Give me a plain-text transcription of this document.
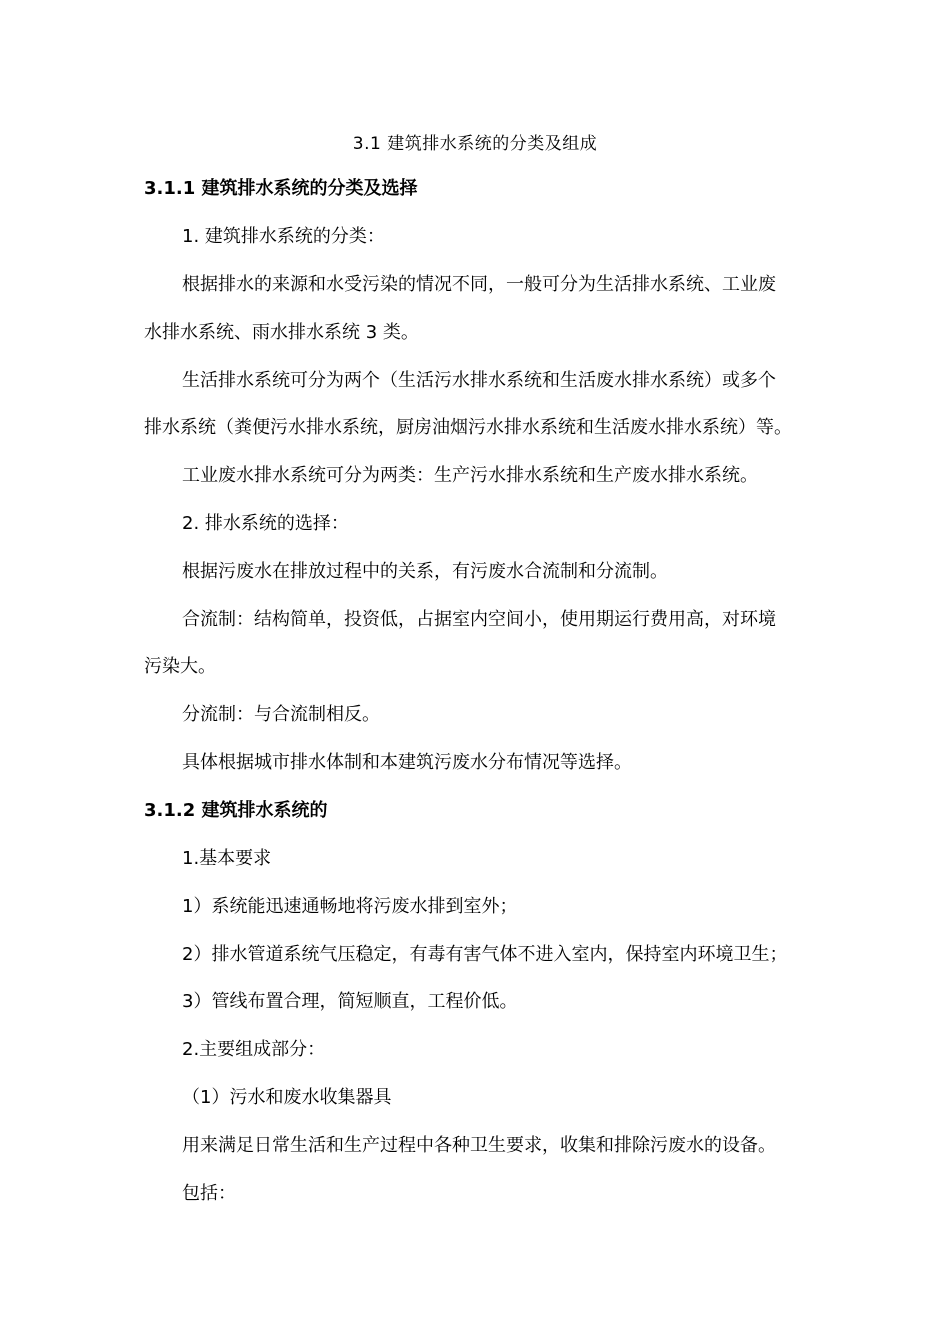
3.1 建筑排水系统的分类及组成
3.1.1 建筑排水系统的分类及选择
1. 建筑排水系统的分类：
根据排水的来源和水受污染的情况不同，一般可分为生活排水系统、工业废
水排水系统、雨水排水系统 3 类。
生活排水系统可分为两个（生活污水排水系统和生活废水排水系统）或多个
排水系统（粪便污水排水系统，厨房油烟污水排水系统和生活废水排水系统）等。
工业废水排水系统可分为两类：生产污水排水系统和生产废水排水系统。
2. 排水系统的选择：
根据污废水在排放过程中的关系，有污废水合流制和分流制。
合流制：结构简单，投资低，占据室内空间小，使用期运行费用高，对环境
污染大。
分流制：与合流制相反。
具体根据城市排水体制和本建筑污废水分布情况等选择。
3.1.2 建筑排水系统的
1.基本要求
1）系统能迅速通畅地将污废水排到室外；
2）排水管道系统气压稳定，有毒有害气体不进入室内，保持室内环境卫生；
3）管线布置合理，简短顺直，工程价低。
2.主要组成部分：
（1）污水和废水收集器具
用来满足日常生活和生产过程中各种卫生要求，收集和排除污废水的设备。
包括：
